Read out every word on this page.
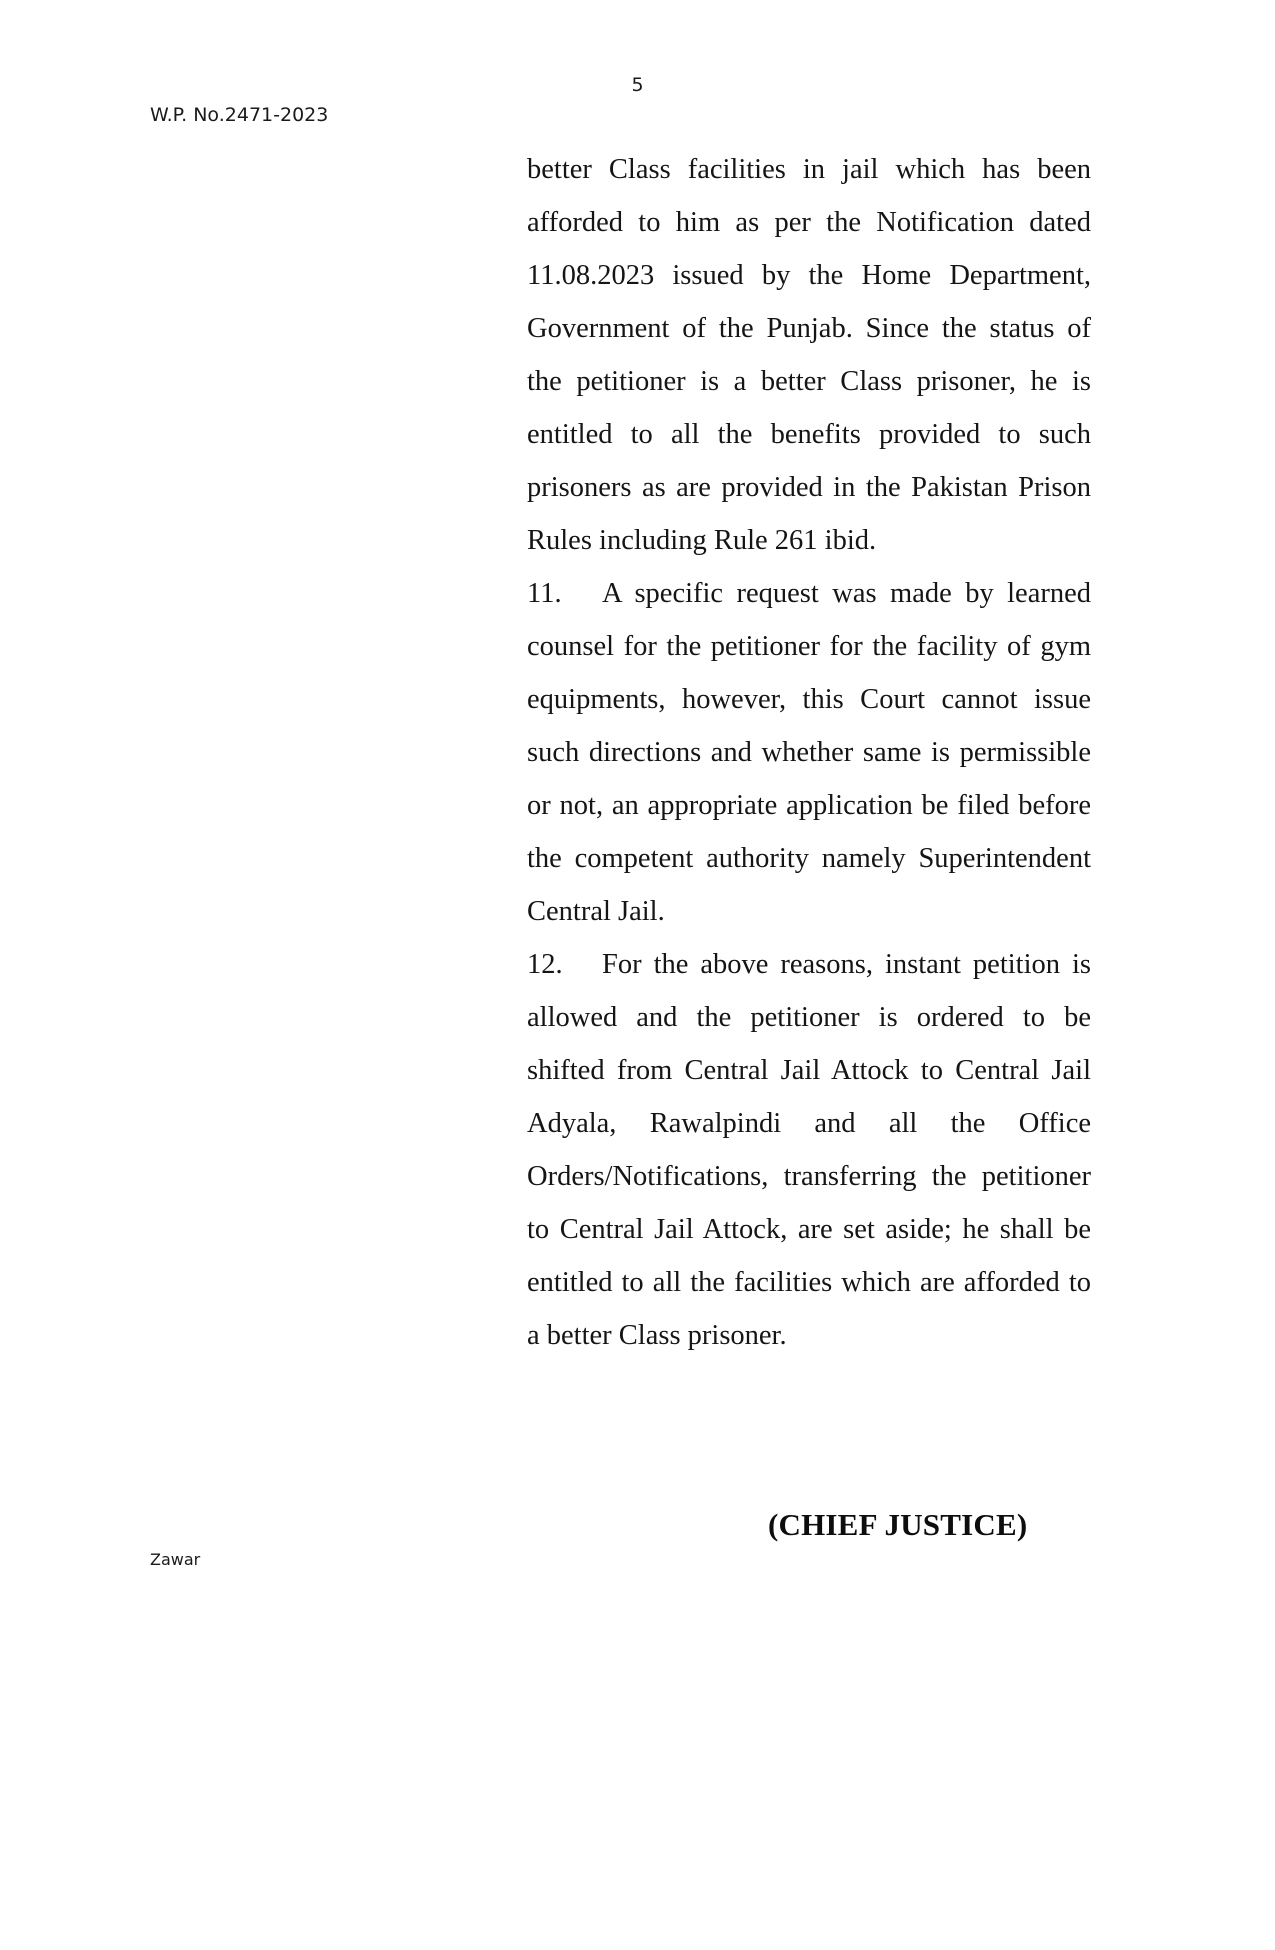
5
W.P. No.2471-2023

better Class facilities in jail which has been afforded to him as per the Notification dated 11.08.2023 issued by the Home Department, Government of the Punjab. Since the status of the petitioner is a better Class prisoner, he is entitled to all the benefits provided to such prisoners as are provided in the Pakistan Prison Rules including Rule 261 ibid.

11. A specific request was made by learned counsel for the petitioner for the facility of gym equipments, however, this Court cannot issue such directions and whether same is permissible or not, an appropriate application be filed before the competent authority namely Superintendent Central Jail.

12. For the above reasons, instant petition is allowed and the petitioner is ordered to be shifted from Central Jail Attock to Central Jail Adyala, Rawalpindi and all the Office Orders/Notifications, transferring the petitioner to Central Jail Attock, are set aside; he shall be entitled to all the facilities which are afforded to a better Class prisoner.

(CHIEF JUSTICE)
Zawar
